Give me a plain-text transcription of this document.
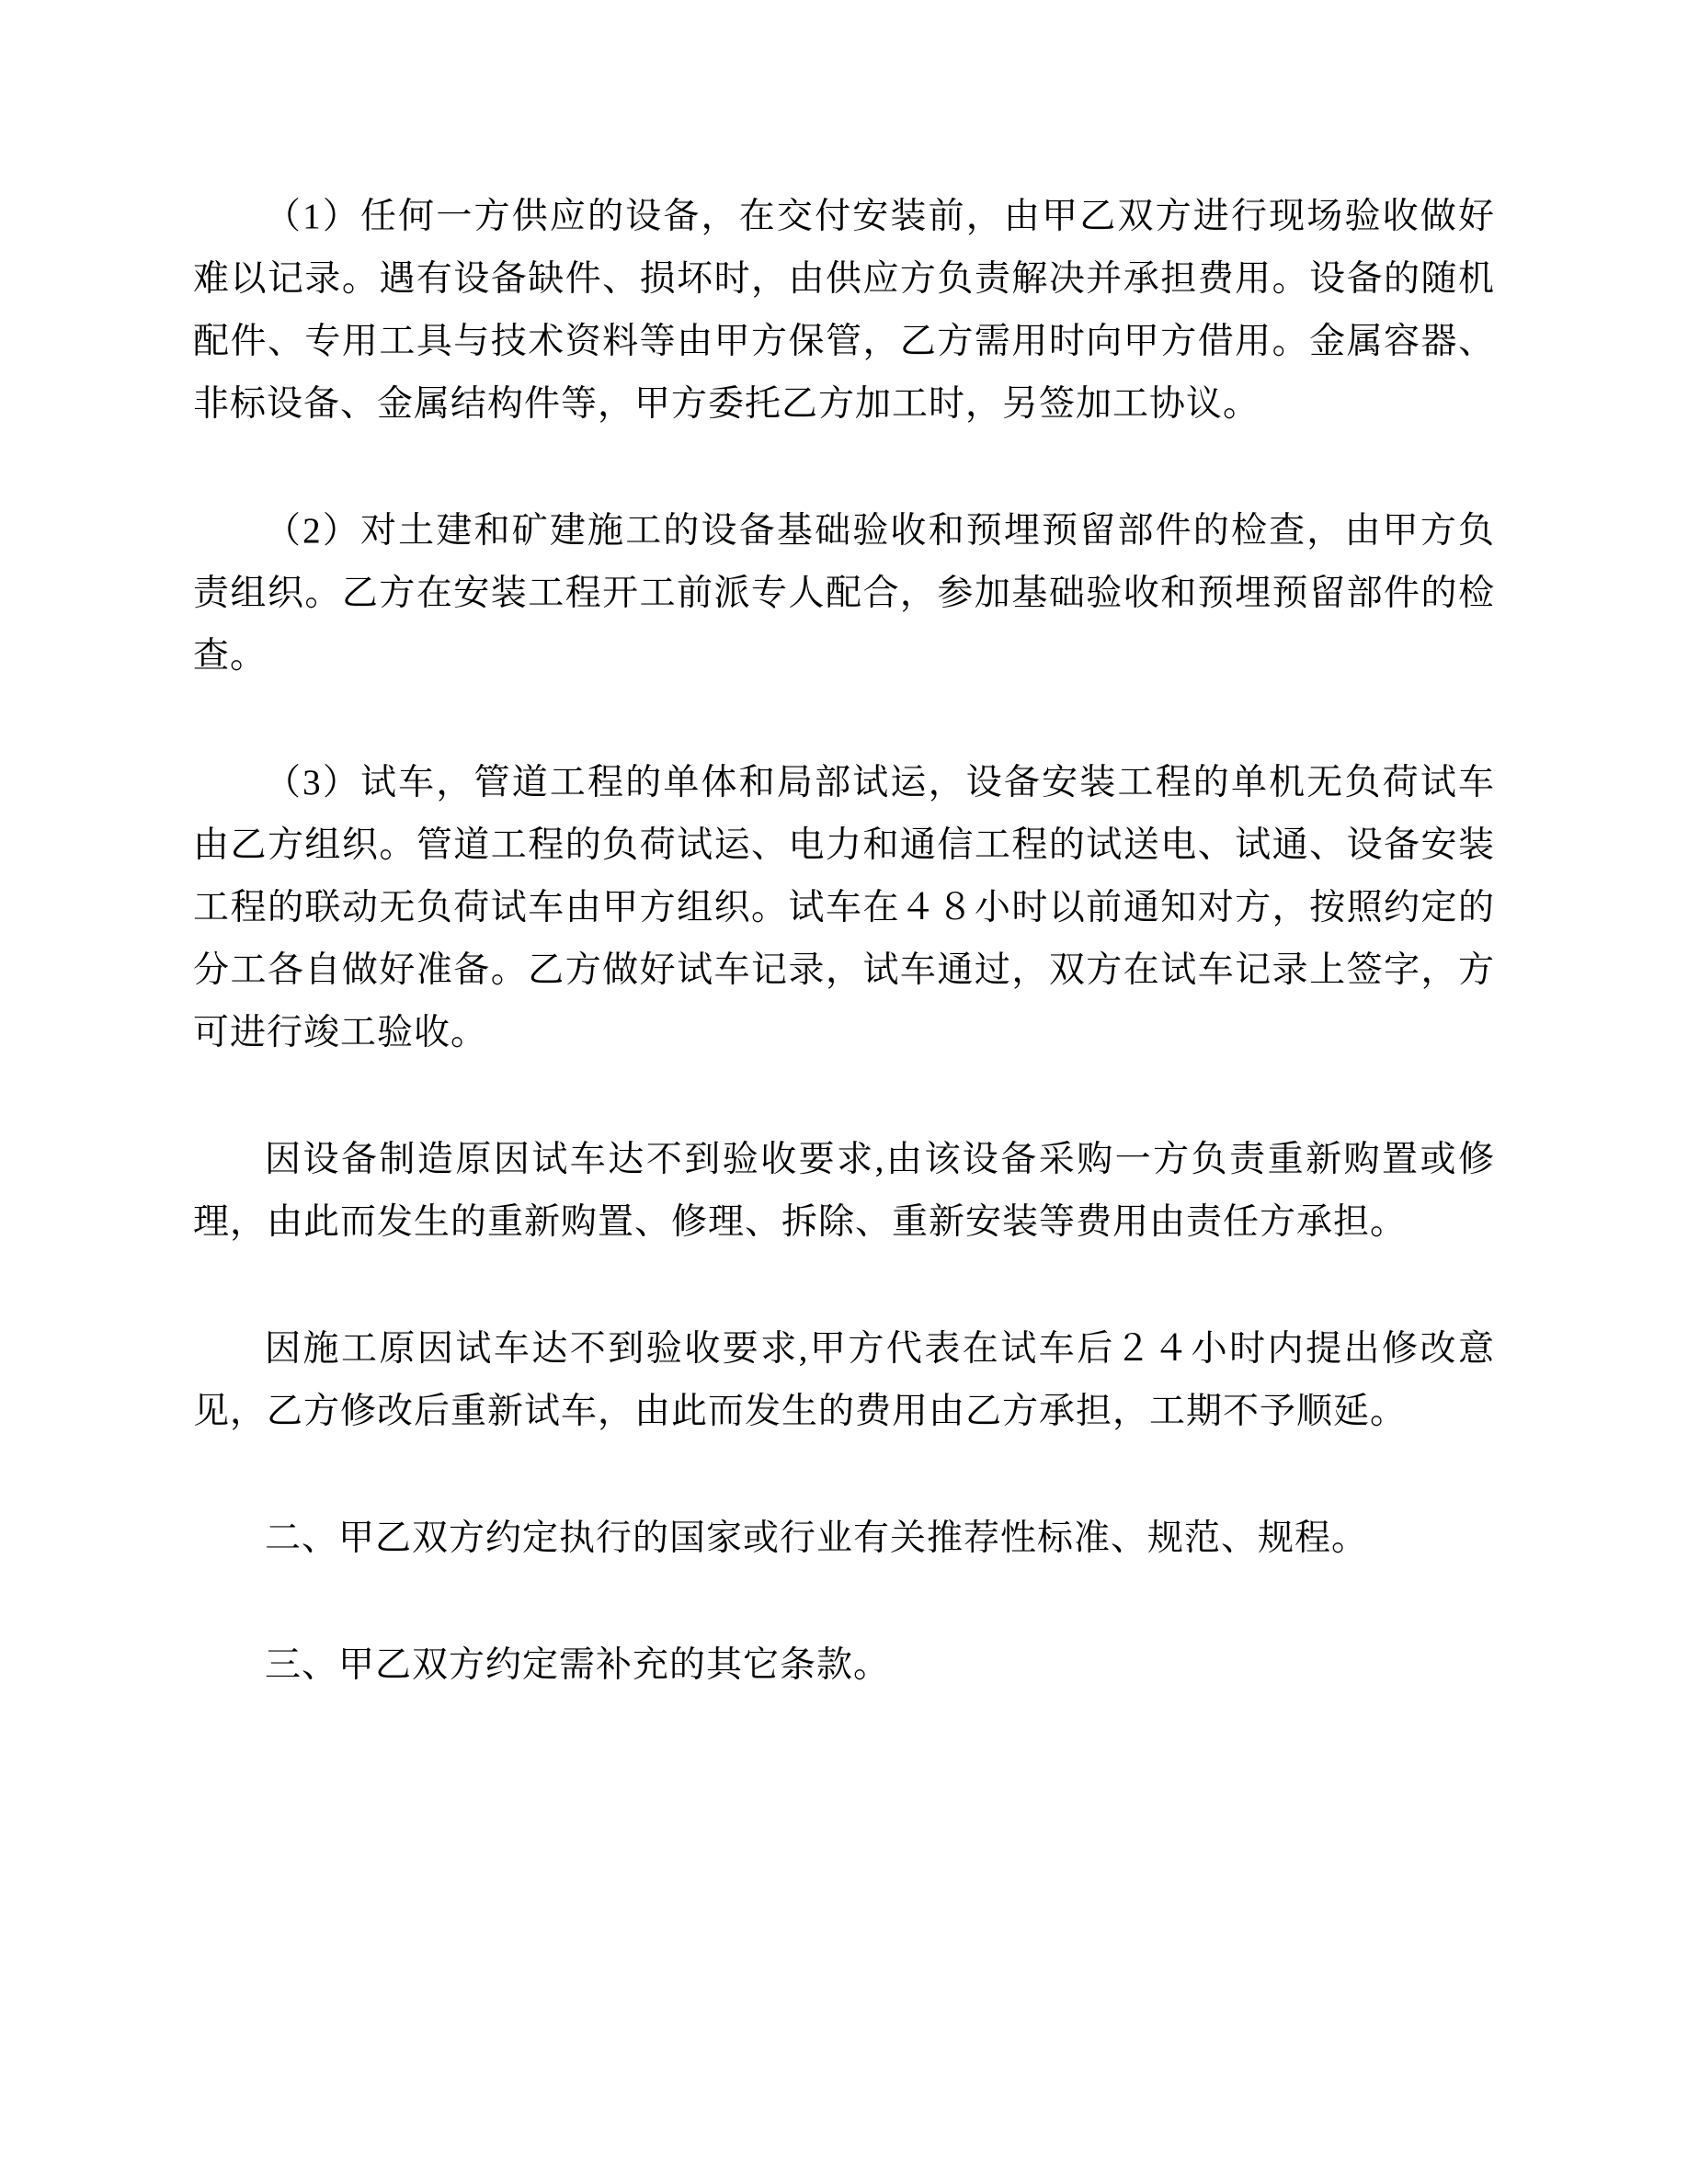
（1）任何一方供应的设备，在交付安装前，由甲乙双方进行现场验收做好难以记录。遇有设备缺件、损坏时，由供应方负责解决并承担费用。设备的随机配件、专用工具与技术资料等由甲方保管，乙方需用时向甲方借用。金属容器、非标设备、金属结构件等，甲方委托乙方加工时，另签加工协议。

（2）对土建和矿建施工的设备基础验收和预埋预留部件的检查，由甲方负责组织。乙方在安装工程开工前派专人配合，参加基础验收和预埋预留部件的检查。

（3）试车，管道工程的单体和局部试运，设备安装工程的单机无负荷试车由乙方组织。管道工程的负荷试运、电力和通信工程的试送电、试通、设备安装工程的联动无负荷试车由甲方组织。试车在４８小时以前通知对方，按照约定的分工各自做好准备。乙方做好试车记录，试车通过，双方在试车记录上签字，方可进行竣工验收。

因设备制造原因试车达不到验收要求,由该设备采购一方负责重新购置或修理，由此而发生的重新购置、修理、拆除、重新安装等费用由责任方承担。

因施工原因试车达不到验收要求,甲方代表在试车后２４小时内提出修改意见，乙方修改后重新试车，由此而发生的费用由乙方承担，工期不予顺延。

二、甲乙双方约定执行的国家或行业有关推荐性标准、规范、规程。

三、甲乙双方约定需补充的其它条款。
